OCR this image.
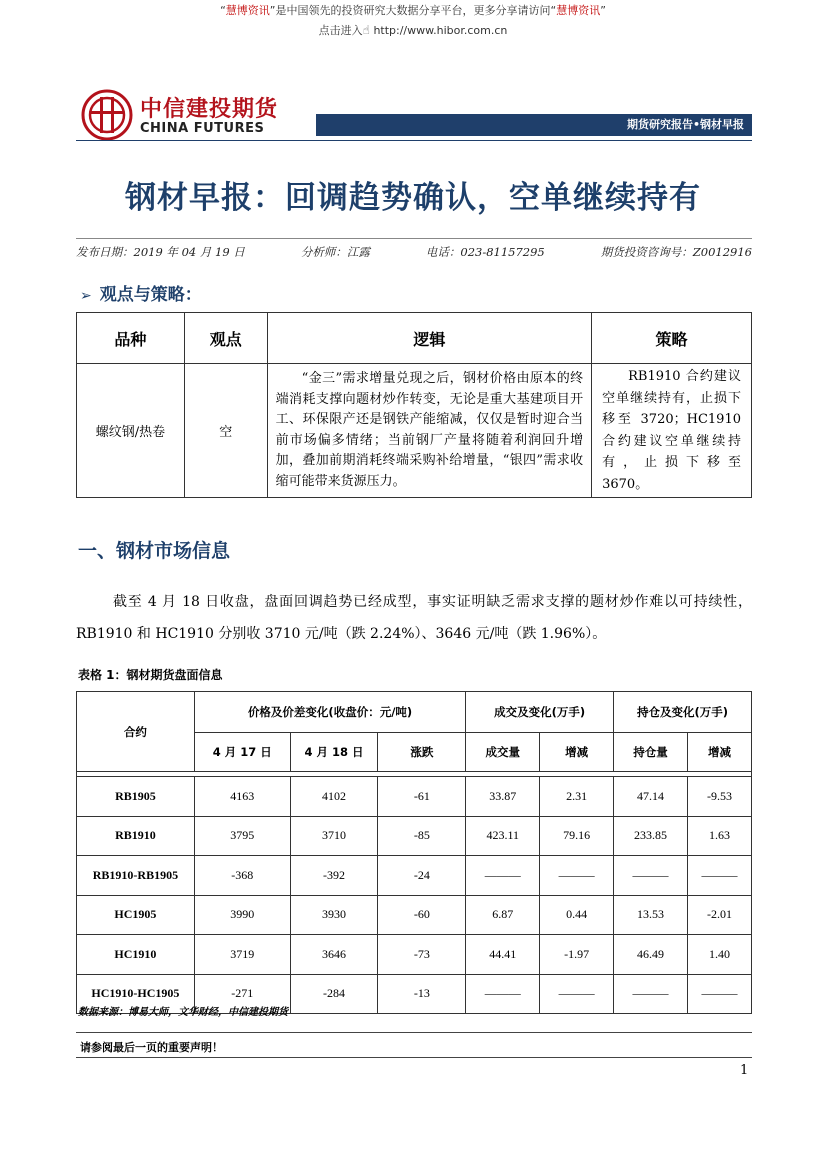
“慧博资讯”是中国领先的投资研究大数据分享平台，更多分享请访问“慧博资讯”
点击进入☝ http://www.hibor.com.cn
中信建投期货
CHINA FUTURES	期货研究报告•钢材早报
钢材早报：回调趋势确认，空单继续持有
发布日期：2019 年 04 月 19 日	分析师：江露	电话：023-81157295	期货投资咨询号：Z0012916
➢ 观点与策略：
品种	观点	逻辑	策略
螺纹钢/热卷	空	“金三”需求增量兑现之后，钢材价格由原本的终端消耗支撑向题材炒作转变，无论是重大基建项目开工、环保限产还是钢铁产能缩减，仅仅是暂时迎合当前市场偏多情绪；当前钢厂产量将随着利润回升增加，叠加前期消耗终端采购补给增量，“银四”需求收缩可能带来货源压力。	RB1910 合约建议空单继续持有，止损下移至 3720；HC1910 合约建议空单继续持有，止损下移至 3670。
一、钢材市场信息
截至 4 月 18 日收盘，盘面回调趋势已经成型，事实证明缺乏需求支撑的题材炒作难以可持续性，RB1910 和 HC1910 分别收 3710 元/吨（跌 2.24%）、3646 元/吨（跌 1.96%）。
表格 1：钢材期货盘面信息
合约	价格及价差变化(收盘价：元/吨)			成交及变化(万手)		持仓及变化(万手)	
	4 月 17 日	4 月 18 日	涨跌	成交量	增减	持仓量	增减

RB1905	4163	4102	-61	33.87	2.31	47.14	-9.53
RB1910	3795	3710	-85	423.11	79.16	233.85	1.63
RB1910-RB1905	-368	-392	-24	———	———	———	———
HC1905	3990	3930	-60	6.87	0.44	13.53	-2.01
HC1910	3719	3646	-73	44.41	-1.97	46.49	1.40
HC1910-HC1905	-271	-284	-13	———	———	———	———
数据来源：博易大师，文华财经，中信建投期货
请参阅最后一页的重要声明！
1
